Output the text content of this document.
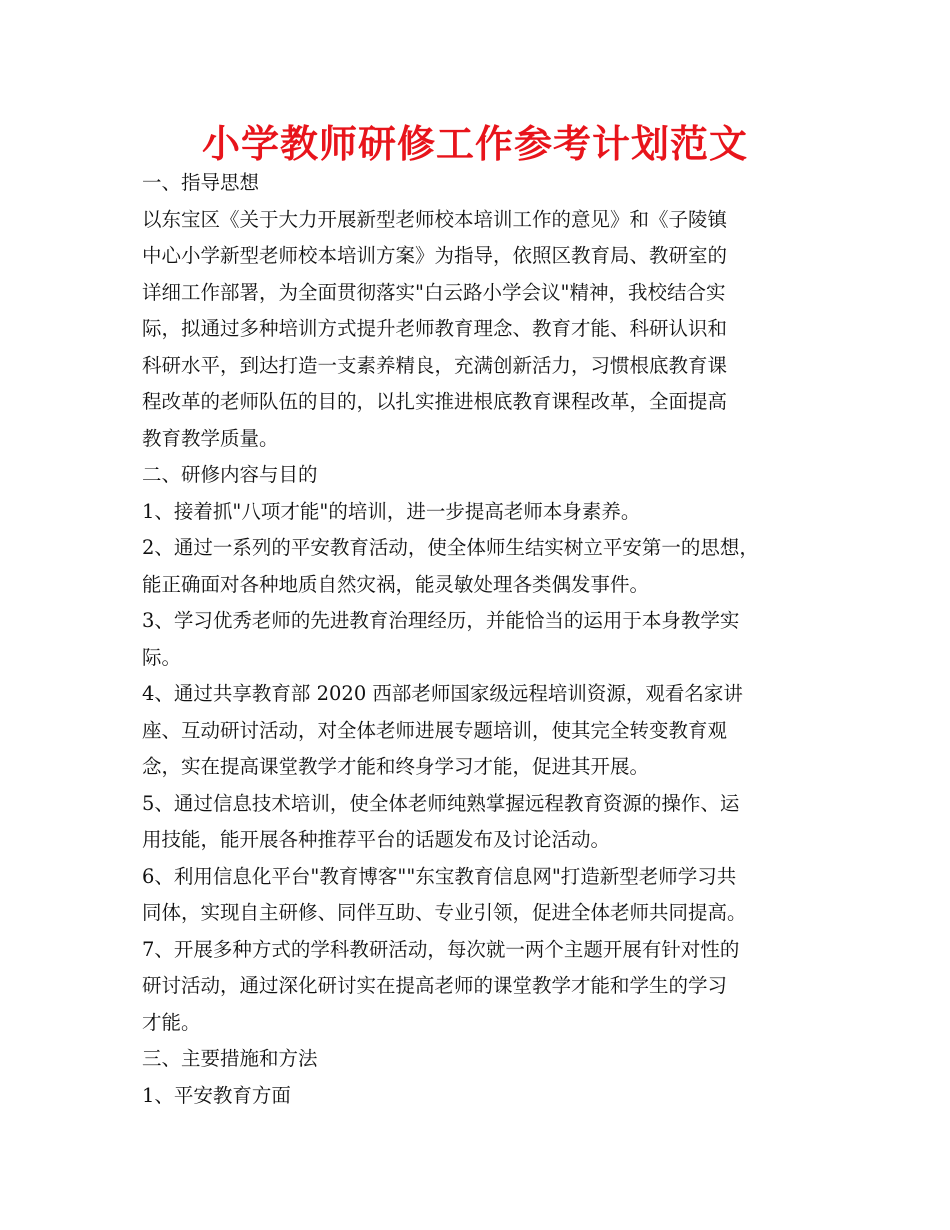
小学教师研修工作参考计划范文
一、指导思想
以东宝区《关于大力开展新型老师校本培训工作的意见》和《子陵镇
中心小学新型老师校本培训方案》为指导，依照区教育局、教研室的
详细工作部署，为全面贯彻落实"白云路小学会议"精神，我校结合实
际，拟通过多种培训方式提升老师教育理念、教育才能、科研认识和
科研水平，到达打造一支素养精良，充满创新活力，习惯根底教育课
程改革的老师队伍的目的，以扎实推进根底教育课程改革，全面提高
教育教学质量。
二、研修内容与目的
1、接着抓"八项才能"的培训，进一步提高老师本身素养。
2、通过一系列的平安教育活动，使全体师生结实树立平安第一的思想，
能正确面对各种地质自然灾祸，能灵敏处理各类偶发事件。
3、学习优秀老师的先进教育治理经历，并能恰当的运用于本身教学实
际。
4、通过共享教育部 2020 西部老师国家级远程培训资源，观看名家讲
座、互动研讨活动，对全体老师进展专题培训，使其完全转变教育观
念，实在提高课堂教学才能和终身学习才能，促进其开展。
5、通过信息技术培训，使全体老师纯熟掌握远程教育资源的操作、运
用技能，能开展各种推荐平台的话题发布及讨论活动。
6、利用信息化平台"教育博客""东宝教育信息网"打造新型老师学习共
同体，实现自主研修、同伴互助、专业引领，促进全体老师共同提高。
7、开展多种方式的学科教研活动，每次就一两个主题开展有针对性的
研讨活动，通过深化研讨实在提高老师的课堂教学才能和学生的学习
才能。
三、主要措施和方法
1、平安教育方面
